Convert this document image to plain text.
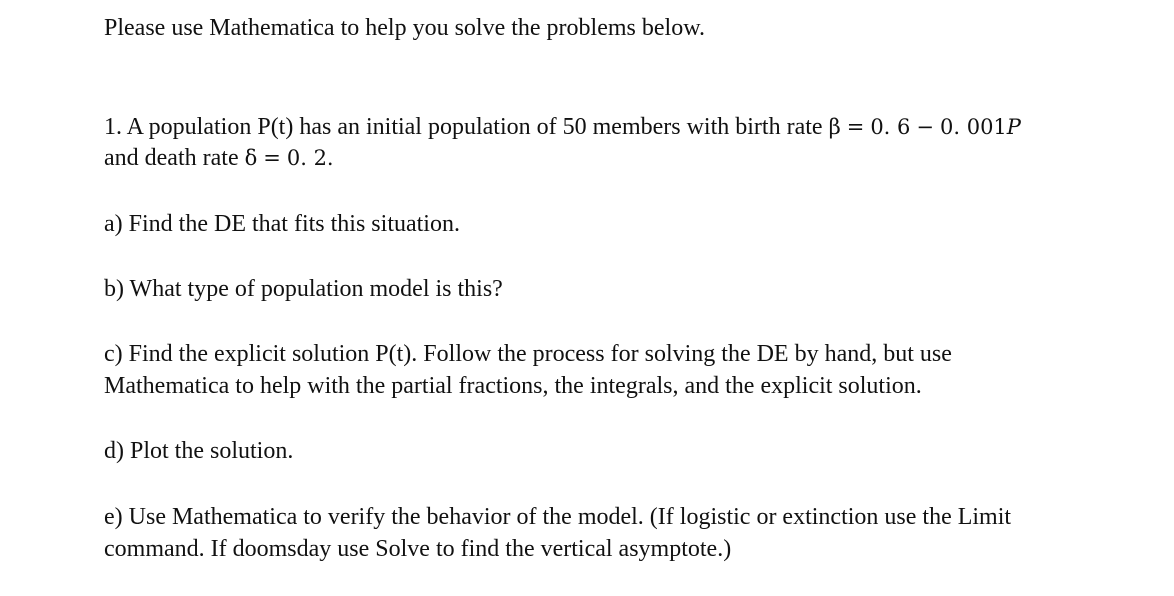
Please use Mathematica to help you solve the problems below.
1. A population P(t) has an initial population of 50 members with birth rate β = 0. 6 − 0. 001P
and death rate δ = 0. 2.
a) Find the DE that fits this situation.
b) What type of population model is this?
c) Find the explicit solution P(t). Follow the process for solving the DE by hand, but use
Mathematica to help with the partial fractions, the integrals, and the explicit solution.
d) Plot the solution.
e) Use Mathematica to verify the behavior of the model. (If logistic or extinction use the Limit
command. If doomsday use Solve to find the vertical asymptote.)
